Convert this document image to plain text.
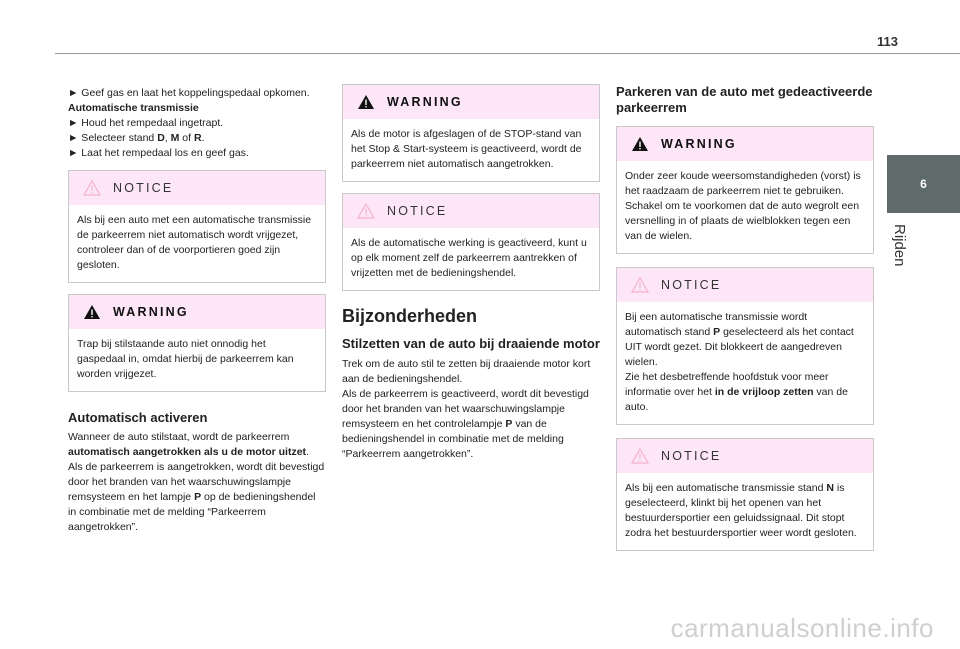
113
6
Rijden

► Geef gas en laat het koppelingspedaal opkomen.

Automatische transmissie

► Houd het rempedaal ingetrapt.

► Selecteer stand D, M of R.

► Laat het rempedaal los en geef gas.

NOTICE
Als bij een auto met een automatische transmissie de parkeerrem niet automatisch wordt vrijgezet, controleer dan of de voorportieren goed zijn gesloten.
WARNING
Trap bij stilstaande auto niet onnodig het gaspedaal in, omdat hierbij de parkeerrem kan worden vrijgezet.

Automatisch activeren

Wanneer de auto stilstaat, wordt de parkeerrem automatisch aangetrokken als u de motor uitzet.

Als de parkeerrem is aangetrokken, wordt dit bevestigd door het branden van het waarschuwingslampje remsysteem en het lampje P op de bedieningshendel in combinatie met de melding “Parkeerrem aangetrokken”.

WARNING
Als de motor is afgeslagen of de STOP-stand van het Stop & Start-systeem is geactiveerd, wordt de parkeerrem niet automatisch aangetrokken.
NOTICE
Als de automatische werking is geactiveerd, kunt u op elk moment zelf de parkeerrem aantrekken of vrijzetten met de bedieningshendel.

Bijzonderheden

Stilzetten van de auto bij draaiende motor

Trek om de auto stil te zetten bij draaiende motor kort aan de bedieningshendel.

Als de parkeerrem is geactiveerd, wordt dit bevestigd door het branden van het waarschuwingslampje remsysteem en het controlelampje P van de bedieningshendel in combinatie met de melding “Parkeerrem aangetrokken”.

Parkeren van de auto met gedeactiveerde parkeerrem

WARNING
Onder zeer koude weersomstandigheden (vorst) is het raadzaam de parkeerrem niet te gebruiken. Schakel om te voorkomen dat de auto wegrolt een versnelling in of plaats de wielblokken tegen een van de wielen.
NOTICE
Bij een automatische transmissie wordt automatisch stand P geselecteerd als het contact UIT wordt gezet. Dit blokkeert de aangedreven wielen.
Zie het desbetreffende hoofdstuk voor meer informatie over het in de vrijloop zetten van de auto.
NOTICE
Als bij een automatische transmissie stand N is geselecteerd, klinkt bij het openen van het bestuurdersportier een geluidssignaal. Dit stopt zodra het bestuurdersportier weer wordt gesloten.
carmanualsonline.info
